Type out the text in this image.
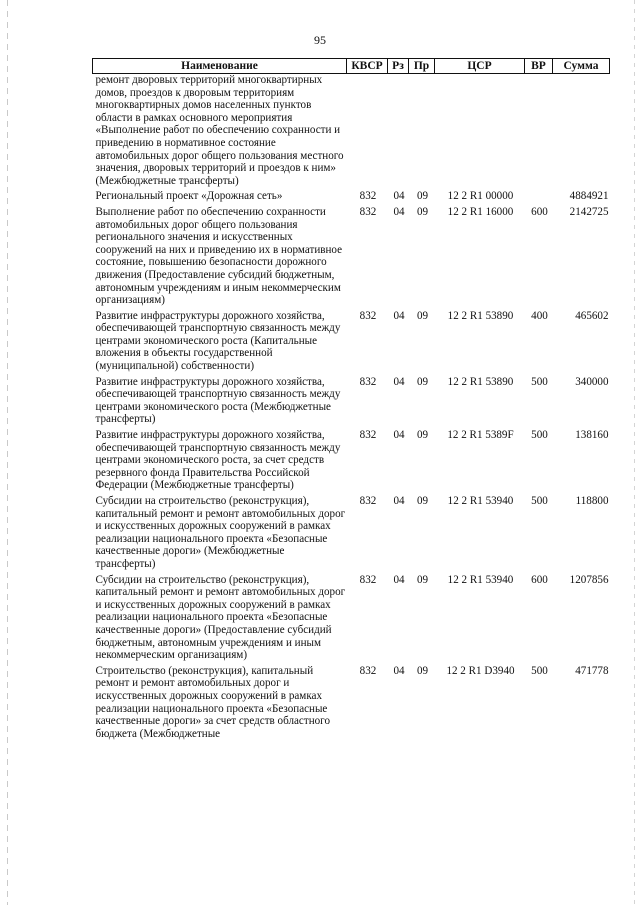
95
Наименование	КВСР	Рз	Пр	ЦСР	ВР	Сумма
ремонт дворовых территорий многоквартирных домов, проездов к дворовым территориям многоквартирных домов населенных пунктов области в рамках основного мероприятия «Выполнение работ по обеспечению сохранности и приведению в нормативное состояние автомобильных дорог общего пользования местного значения, дворовых территорий и проездов к ним» (Межбюджетные трансферты)						
Региональный проект «Дорожная сеть»	832	04	09	12 2 R1 00000		4884921
Выполнение работ по обеспечению сохранности автомобильных дорог общего пользования регионального значения и искусственных сооружений на них и приведению их в нормативное состояние, повышению безопасности дорожного движения (Предоставление субсидий бюджетным, автономным учреждениям и иным некоммерческим организациям)	832	04	09	12 2 R1 16000	600	2142725
Развитие инфраструктуры дорожного хозяйства, обеспечивающей транспортную связанность между центрами экономического роста (Капитальные вложения в объекты государственной (муниципальной) собственности)	832	04	09	12 2 R1 53890	400	465602
Развитие инфраструктуры дорожного хозяйства, обеспечивающей транспортную связанность между центрами экономического роста (Межбюджетные трансферты)	832	04	09	12 2 R1 53890	500	340000
Развитие инфраструктуры дорожного хозяйства, обеспечивающей транспортную связанность между центрами экономического роста, за счет средств резервного фонда Правительства Российской Федерации (Межбюджетные трансферты)	832	04	09	12 2 R1 5389F	500	138160
Субсидии на строительство (реконструкция), капитальный ремонт и ремонт автомобильных дорог и искусственных дорожных сооружений в рамках реализации национального проекта «Безопасные качественные дороги» (Межбюджетные трансферты)	832	04	09	12 2 R1 53940	500	118800
Субсидии на строительство (реконструкция), капитальный ремонт и ремонт автомобильных дорог и искусственных дорожных сооружений в рамках реализации национального проекта «Безопасные качественные дороги» (Предоставление субсидий бюджетным, автономным учреждениям и иным некоммерческим организациям)	832	04	09	12 2 R1 53940	600	1207856
Строительство (реконструкция), капитальный ремонт и ремонт автомобильных дорог и искусственных дорожных сооружений в рамках реализации национального проекта «Безопасные качественные дороги» за счет средств областного бюджета (Межбюджетные	832	04	09	12 2 R1 D3940	500	471778
